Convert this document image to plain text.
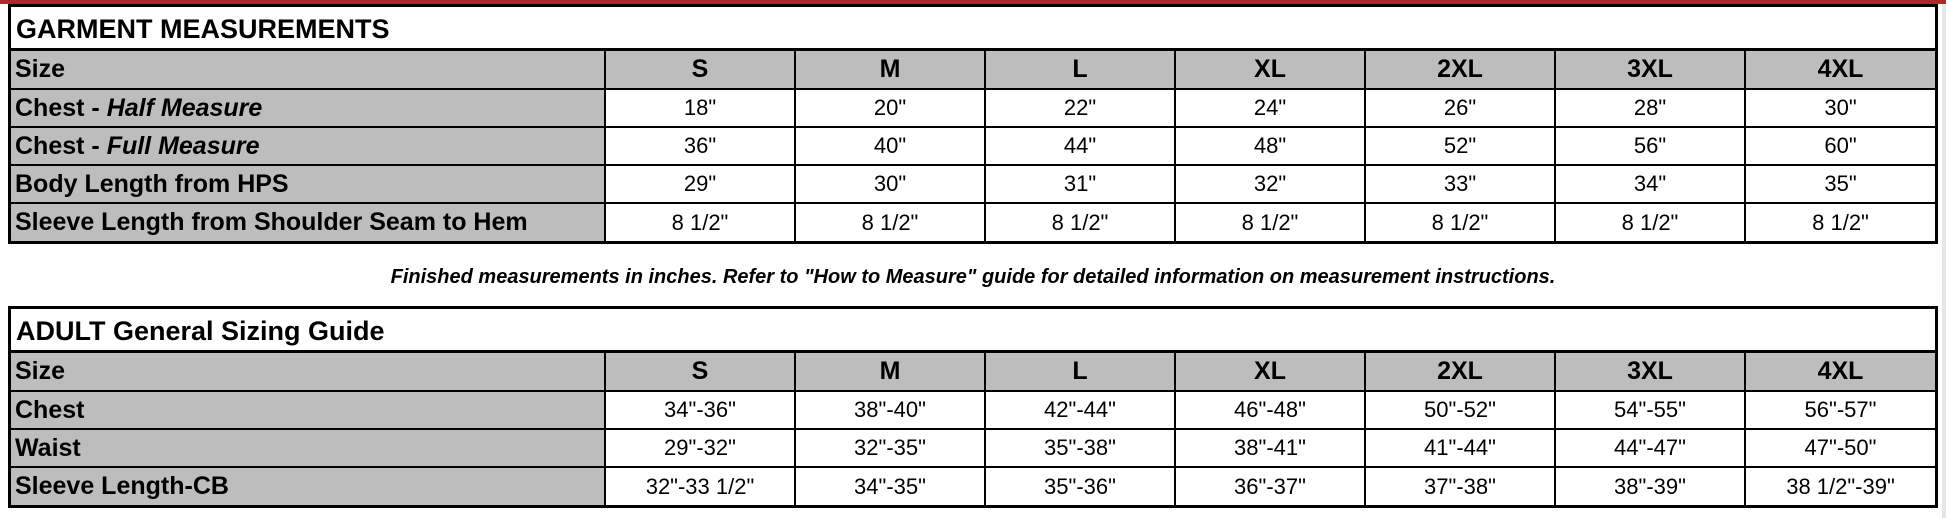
GARMENT MEASUREMENTS
Size	S	M	L	XL	2XL	3XL	4XL
Chest - Half Measure	18"	20"	22"	24"	26"	28"	30"
Chest - Full Measure	36"	40"	44"	48"	52"	56"	60"
Body Length from HPS	29"	30"	31"	32"	33"	34"	35"
Sleeve Length from Shoulder Seam to Hem	8 1/2"	8 1/2"	8 1/2"	8 1/2"	8 1/2"	8 1/2"	8 1/2"
Finished measurements in inches. Refer to "How to Measure" guide for detailed information on measurement instructions.
ADULT General Sizing Guide
Size	S	M	L	XL	2XL	3XL	4XL
Chest	34"-36"	38"-40"	42"-44"	46"-48"	50"-52"	54"-55"	56"-57"
Waist	29"-32"	32"-35"	35"-38"	38"-41"	41"-44"	44"-47"	47"-50"
Sleeve Length-CB	32"-33 1/2"	34"-35"	35"-36"	36"-37"	37"-38"	38"-39"	38 1/2"-39"
